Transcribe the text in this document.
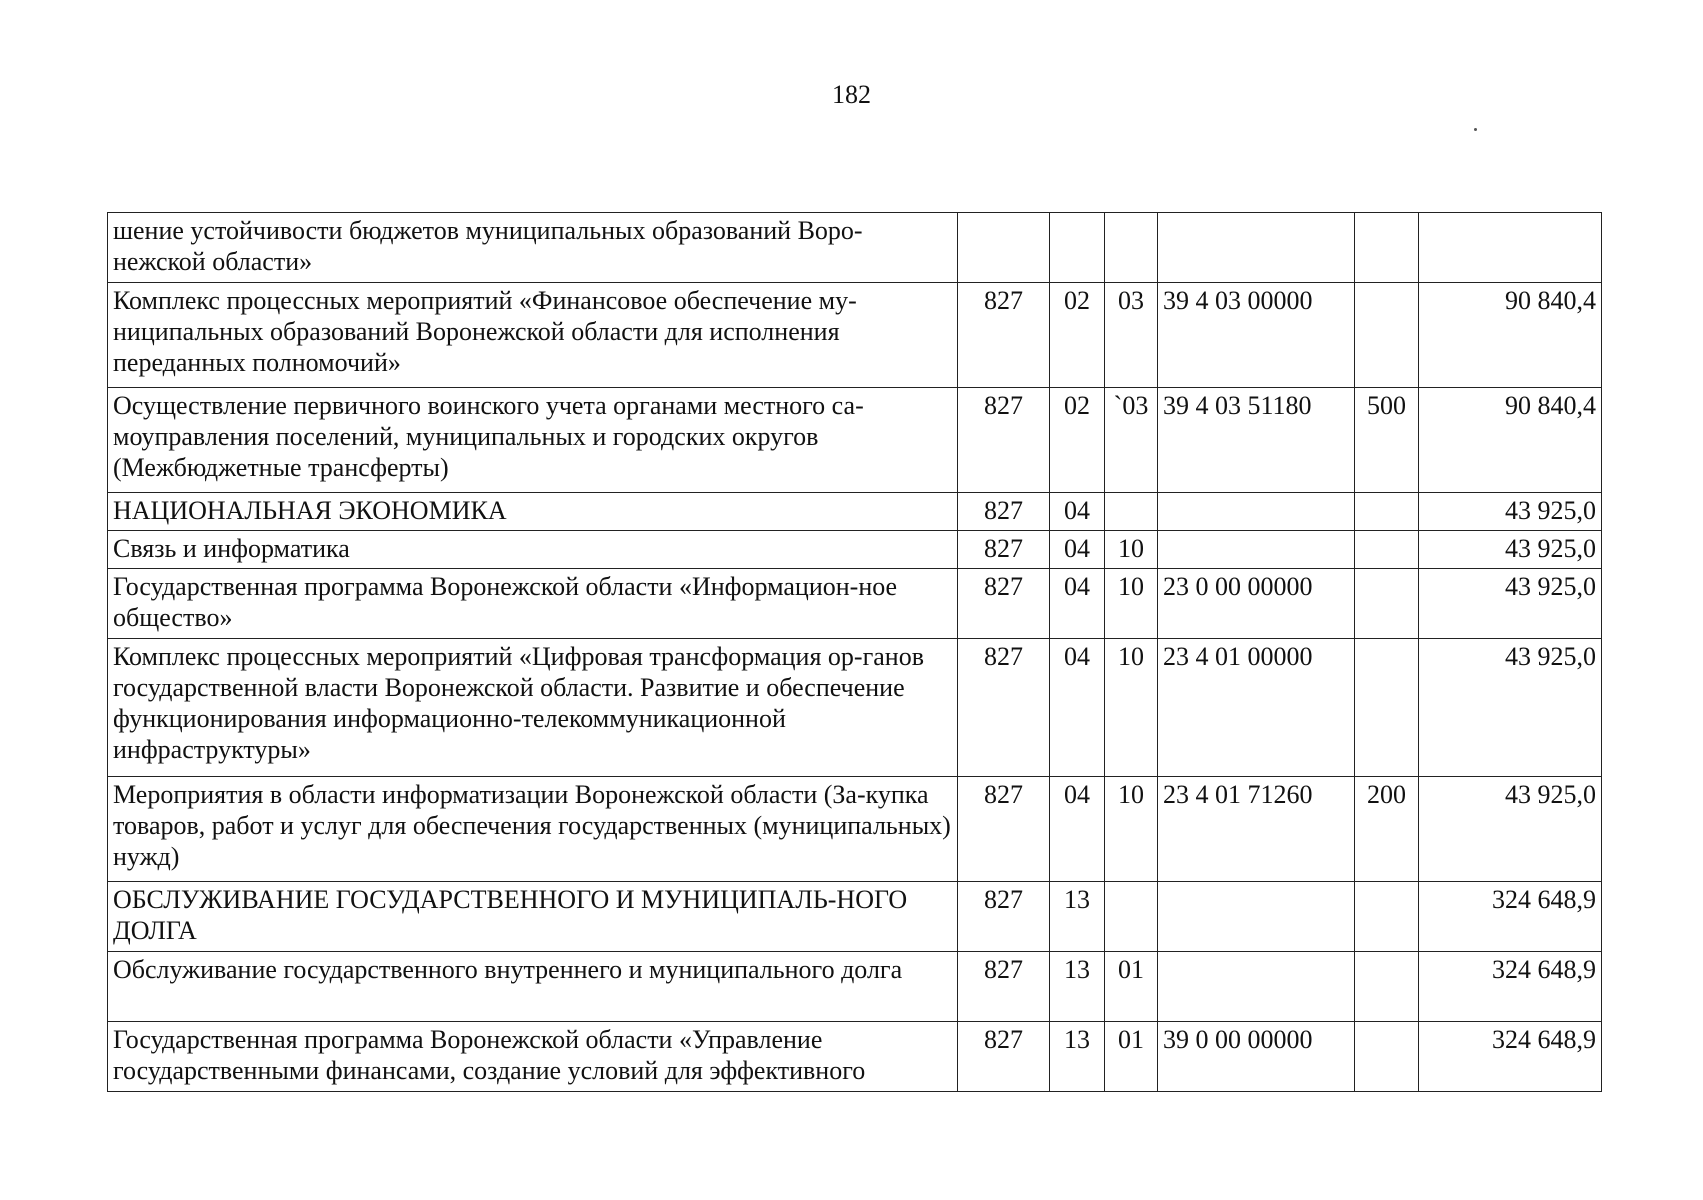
182
шение устойчивости бюджетов муниципальных образований Воро-нежской области»						
Комплекс процессных мероприятий «Финансовое обеспечение му-ниципальных образований Воронежской области для исполнения переданных полномочий»	827	02	03	39 4 03 00000		90 840,4
Осуществление первичного воинского учета органами местного са-моуправления поселений, муниципальных и городских округов (Межбюджетные трансферты)	827	02	`03	39 4 03 51180	500	90 840,4
НАЦИОНАЛЬНАЯ ЭКОНОМИКА	827	04				43 925,0
Связь и информатика	827	04	10			43 925,0
Государственная программа Воронежской области «Информацион-ное общество»	827	04	10	23 0 00 00000		43 925,0
Комплекс процессных мероприятий «Цифровая трансформация ор-ганов государственной власти Воронежской области. Развитие и обеспечение функционирования информационно-телекоммуникационной инфраструктуры»	827	04	10	23 4 01 00000		43 925,0
Мероприятия в области информатизации Воронежской области (За-купка товаров, работ и услуг для обеспечения государственных (муниципальных) нужд)	827	04	10	23 4 01 71260	200	43 925,0
ОБСЛУЖИВАНИЕ ГОСУДАРСТВЕННОГО И МУНИЦИПАЛЬ-НОГО ДОЛГА	827	13				324 648,9
Обслуживание государственного внутреннего и муниципального долга	827	13	01			324 648,9
Государственная программа Воронежской области «Управление государственными финансами, создание условий для эффективного	827	13	01	39 0 00 00000		324 648,9
